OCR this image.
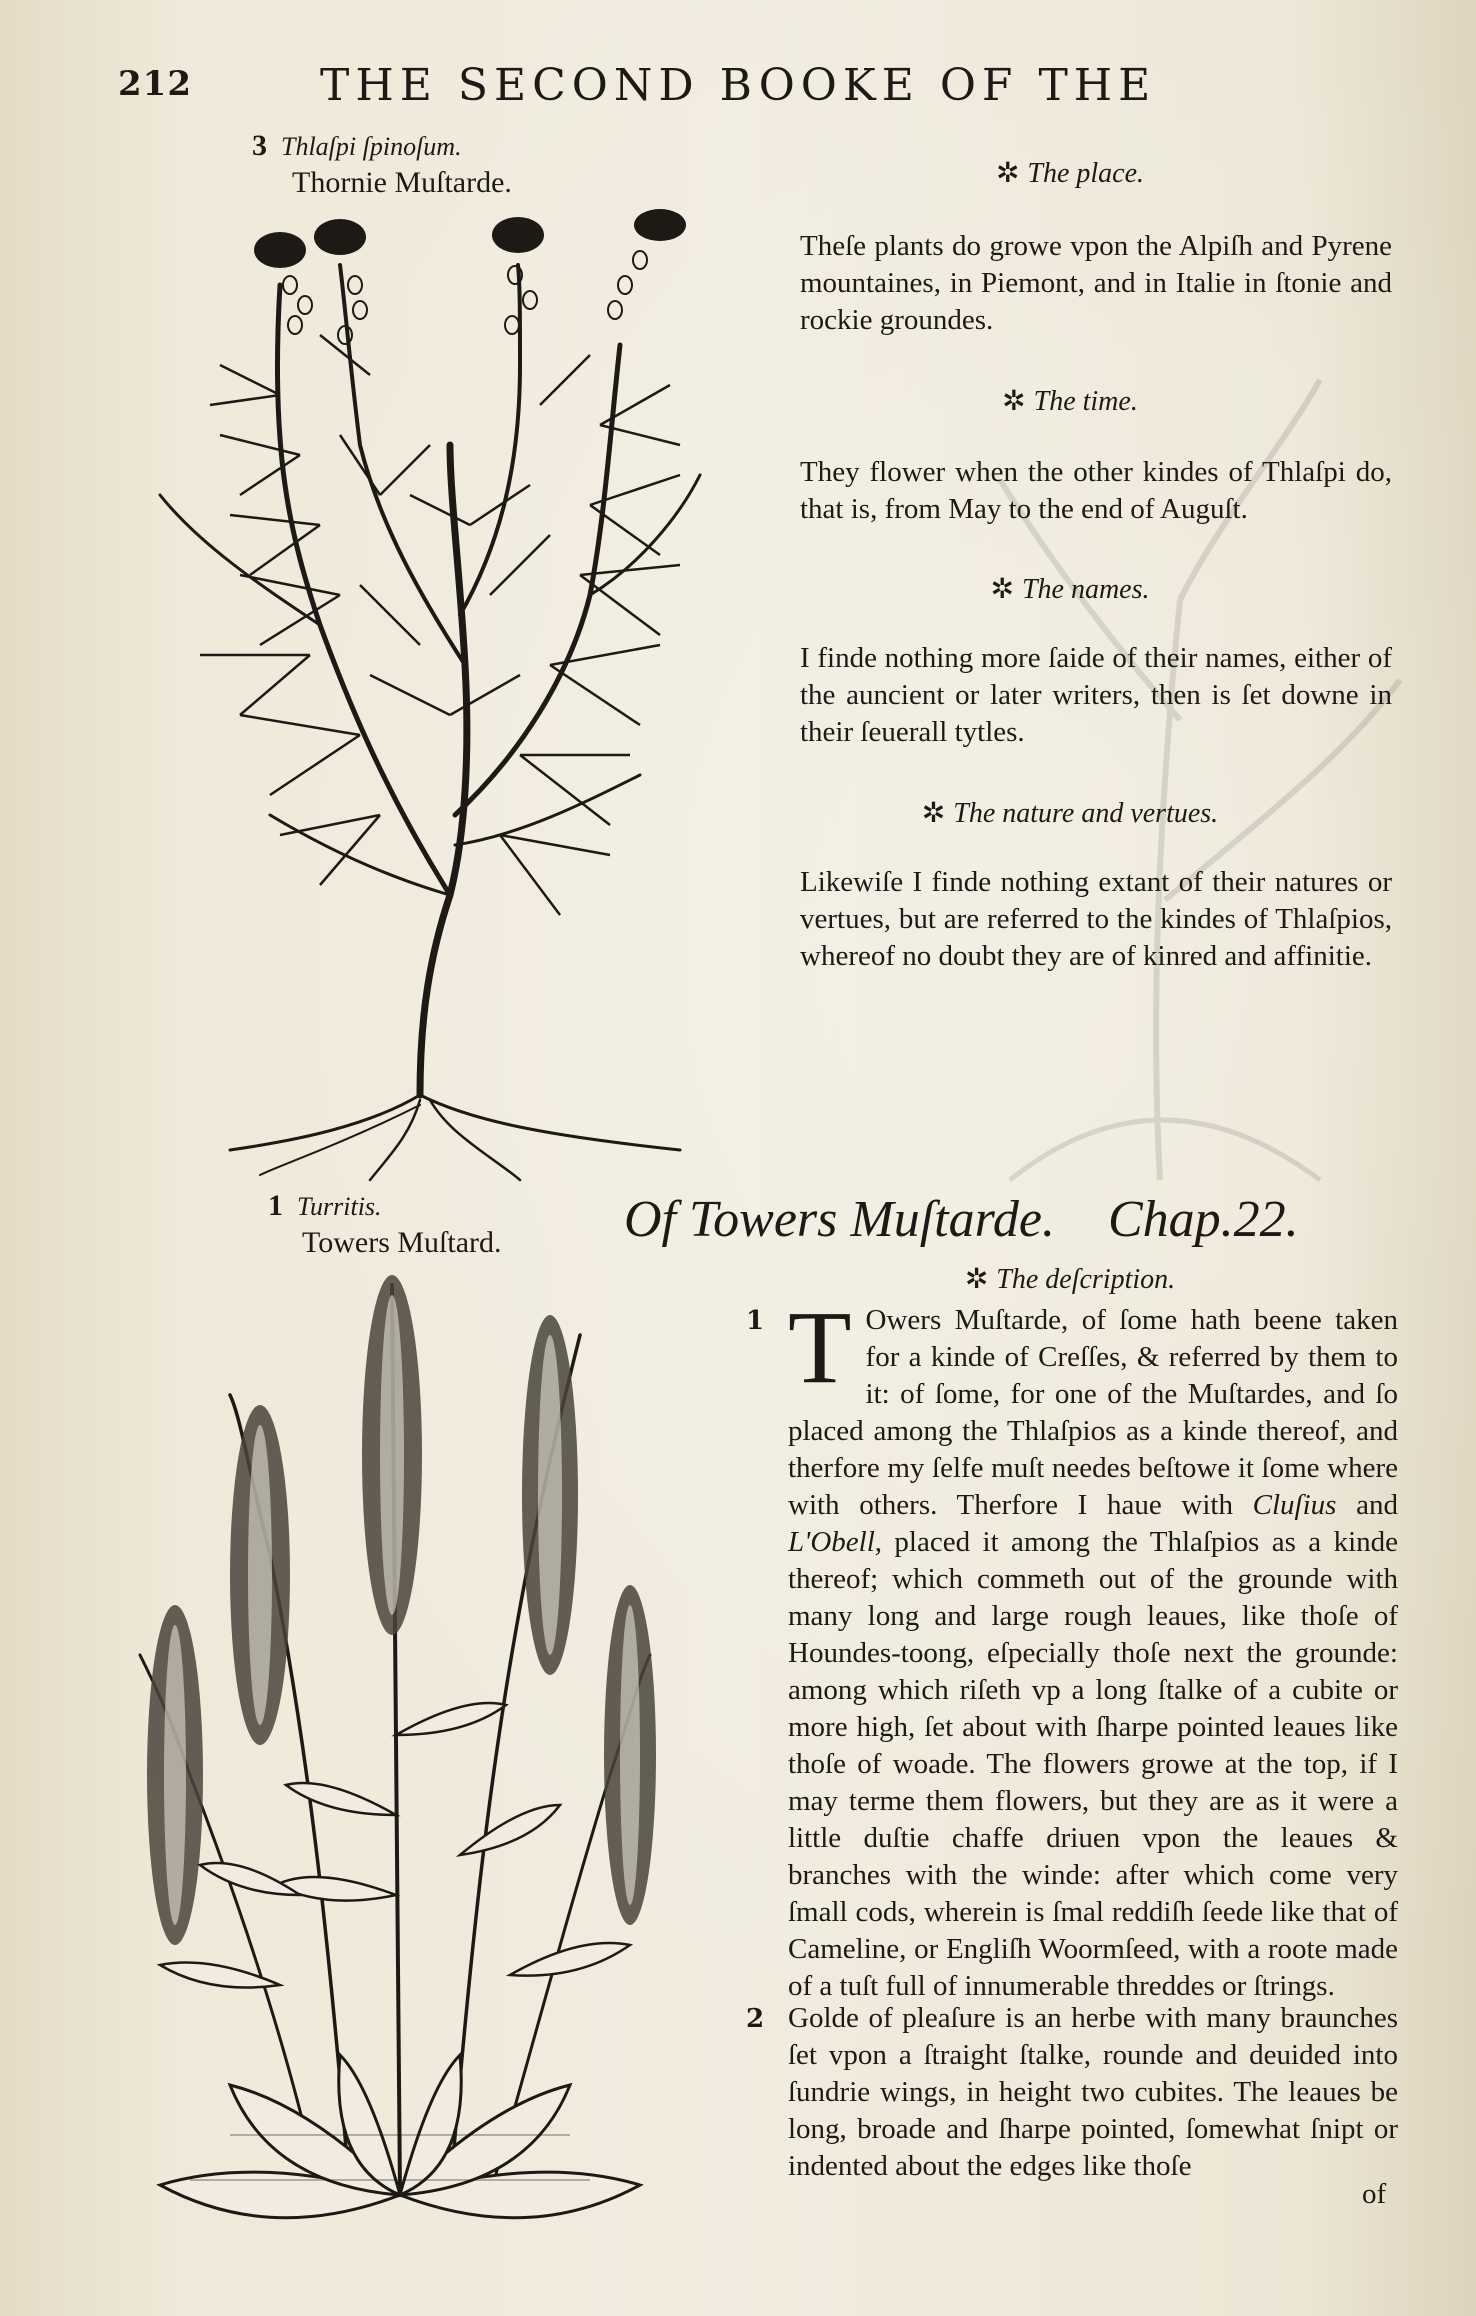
212	THE SECOND BOOKE OF THE
3 Thlaſpi ſpinoſum.
Thornie Muſtarde.	✲ The place.
Theſe plants do growe vpon the Alpiſh and Pyrene mountaines, in Piemont, and in Italie in ſtonie and rockie groundes.
✲ The time.
They flower when the other kindes of Thlaſpi do, that is, from May to the end of Auguſt.
✲ The names.
I finde nothing more ſaide of their names, either of the auncient or later writers, then is ſet downe in their ſeuerall tytles.
✲ The nature and vertues.
Likewiſe I finde nothing extant of their natures or vertues, but are referred to the kindes of Thlaſpios, whereof no doubt they are of kinred and affinitie.
1 Turritis.
Towers Muſtard. Of Towers Muſtarde. Chap.22.
✲ The deſcription.
1 T Owers Muſtarde, of ſome hath beene taken for a kinde of Creſſes, & referred by them to it: of ſome, for one of the Muſtardes, and ſo placed among the Thlaſpios as a kinde thereof, and therfore my ſelfe muſt needes beſtowe it ſome where with others. Therfore I haue with Cluſius and L'Obell, placed it among the Thlaſpios as a kinde thereof; which commeth out of the grounde with many long and large rough leaues, like thoſe of Houndes-toong, eſpecially thoſe next the grounde: among which riſeth vp a long ſtalke of a cubite or more high, ſet about with ſharpe pointed leaues like thoſe of woade. The flowers growe at the top, if I may terme them flowers, but they are as it were a little duſtie chaffe driuen vpon the leaues & branches with the winde: after which come very ſmall cods, wherein is ſmal reddiſh ſeede like that of Cameline, or Engliſh Woormſeed, with a roote made of a tuſt full of innumerable threddes or ſtrings.
2 Golde of pleaſure is an herbe with many braunches ſet vpon a ſtraight ſtalke, rounde and deuided into ſundrie wings, in height two cubites. The leaues be long, broade and ſharpe pointed, ſomewhat ſnipt or indented about the edges like thoſe
of
